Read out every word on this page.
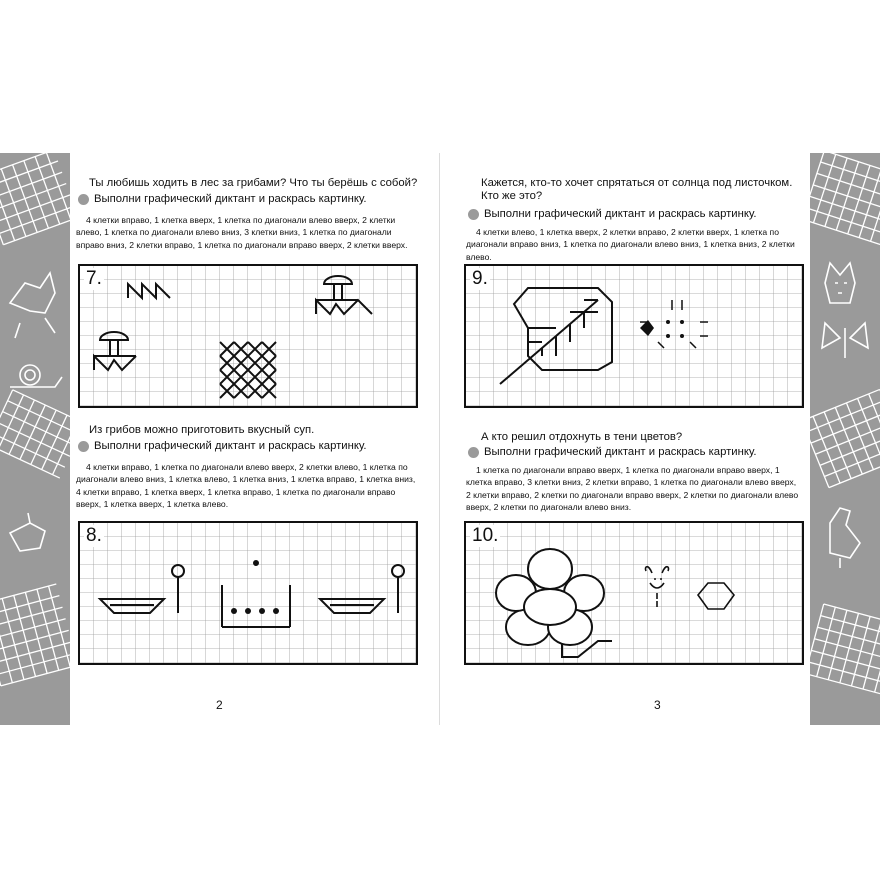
Ты любишь ходить в лес за грибами? Что ты берёшь с собой?
Выполни графический диктант и раскрась картинку.
4 клетки вправо, 1 клетка вверх, 1 клетка по диагонали влево вверх, 2 клетки влево, 1 клетка по диагонали влево вниз, 3 клетки вниз, 1 клетка по диагонали вправо вниз, 2 клетки вправо, 1 клетка по диагонали вправо вверх, 2 клетки вверх.
7.
Из грибов можно приготовить вкусный суп.
Выполни графический диктант и раскрась картинку.
4 клетки вправо, 1 клетка по диагонали влево вверх, 2 клетки влево, 1 клетка по диагонали влево вниз, 1 клетка влево, 1 клетка вниз, 1 клетка вправо, 1 клетка вниз, 4 клетки вправо, 1 клетка вверх, 1 клетка вправо, 1 клетка по диагонали вправо вверх, 1 клетка вверх, 1 клетка влево.
8.
2
Кажется, кто-то хочет спрятаться от солнца под листочком. Кто же это?
Выполни графический диктант и раскрась картинку.
4 клетки влево, 1 клетка вверх, 2 клетки вправо, 2 клетки вверх, 1 клетка по диагонали вправо вниз, 1 клетка по диагонали влево вниз, 1 клетка вниз, 2 клетки влево.
9.
А кто решил отдохнуть в тени цветов?
Выполни графический диктант и раскрась картинку.
1 клетка по диагонали вправо вверх, 1 клетка по диагонали вправо вверх, 1 клетка вправо, 3 клетки вниз, 2 клетки вправо, 1 клетка по диагонали влево вверх, 2 клетки вправо, 2 клетки по диагонали вправо вверх, 2 клетки по диагонали влево вверх, 2 клетки по диагонали влево вниз.
10.
3
